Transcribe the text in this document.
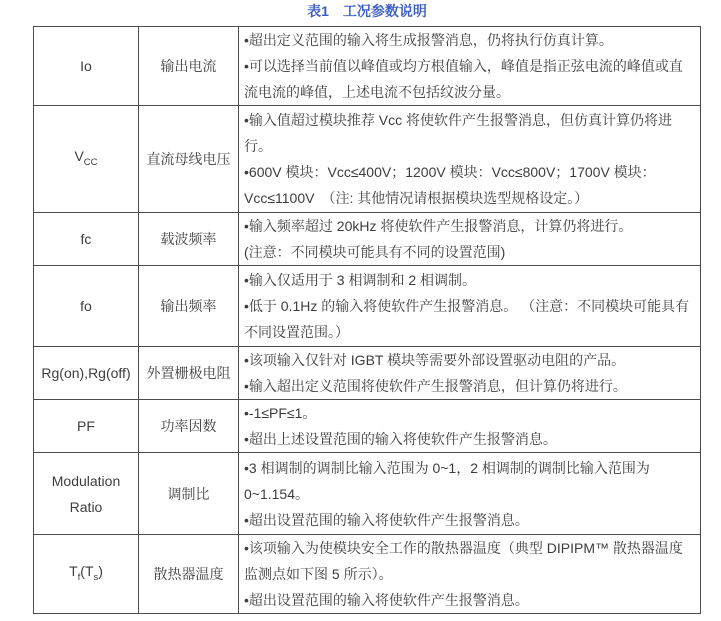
表1　工况参数说明
Io	输出电流	•超出定义范围的输入将生成报警消息，仍将执行仿真计算。

•可以选择当前值以峰值或均方根值输入，峰值是指正弦电流的峰值或直流电流的峰值，上述电流不包括纹波分量。

$V_{CC}$	直流母线电压	•输入值超过模块推荐 Vcc 将使软件产生报警消息，但仿真计算仍将进行。

•600V 模块：Vcc≤400V；1200V 模块：Vcc≤800V；1700V 模块：Vcc≤1100V　（注: 其他情况请根据模块选型规格设定。）

fc	载波频率	•输入频率超过 20kHz 将使软件产生报警消息，计算仍将进行。

(注意：不同模块可能具有不同的设置范围)

fo	输出频率	•输入仅适用于 3 相调制和 2 相调制。

•低于 0.1Hz 的输入将使软件产生报警消息。 （注意：不同模块可能具有不同设置范围。）

Rg(on),Rg(off)	外置栅极电阻	•该项输入仅针对 IGBT 模块等需要外部设置驱动电阻的产品。

•输入超出定义范围将使软件产生报警消息，但计算仍将进行。

PF	功率因数	•-1≤PF≤1。

•超出上述设置范围的输入将使软件产生报警消息。

Modulation Ratio	调制比	•3 相调制的调制比输入范围为 0~1，2 相调制的调制比输入范围为 0~1.154。

•超出设置范围的输入将使软件产生报警消息。

$T_f(T_s)$	散热器温度	•该项输入为使模块安全工作的散热器温度（典型 DIPIPM™ 散热器温度监测点如下图 5 所示）。

•超出设置范围的输入将使软件产生报警消息。
